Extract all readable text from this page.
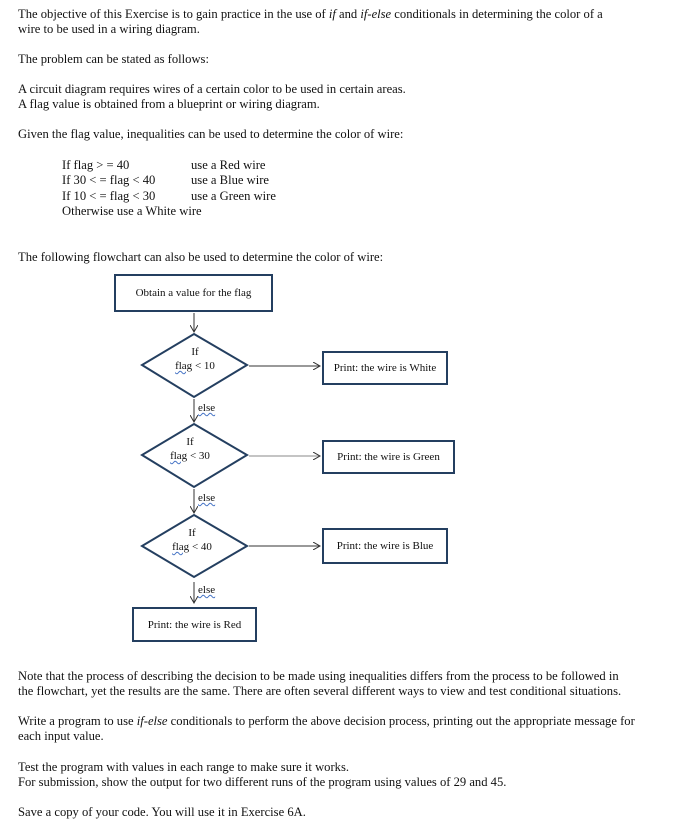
The objective of this Exercise is to gain practice in the use of if and if-else conditionals in determining the color of a
wire to be used in a wiring diagram.
The problem can be stated as follows:
A circuit diagram requires wires of a certain color to be used in certain areas.
A flag value is obtained from a blueprint or wiring diagram.
Given the flag value, inequalities can be used to determine the color of wire:
If flag > = 40	use a Red wire
If 30 < = flag < 40	use a Blue wire
If 10 < = flag < 30	use a Green wire
Otherwise use a White wire
The following flowchart can also be used to determine the color of wire:
Obtain a value for the flag
If
flag < 10	Print: the wire is White
else
If
flag < 30	Print: the wire is Green
else
If
flag < 40	Print: the wire is Blue
else
Print: the wire is Red
Note that the process of describing the decision to be made using inequalities differs from the process to be followed in
the flowchart, yet the results are the same. There are often several different ways to view and test conditional situations.
Write a program to use if-else conditionals to perform the above decision process, printing out the appropriate message for
each input value.
Test the program with values in each range to make sure it works.
For submission, show the output for two different runs of the program using values of 29 and 45.
Save a copy of your code. You will use it in Exercise 6A.
